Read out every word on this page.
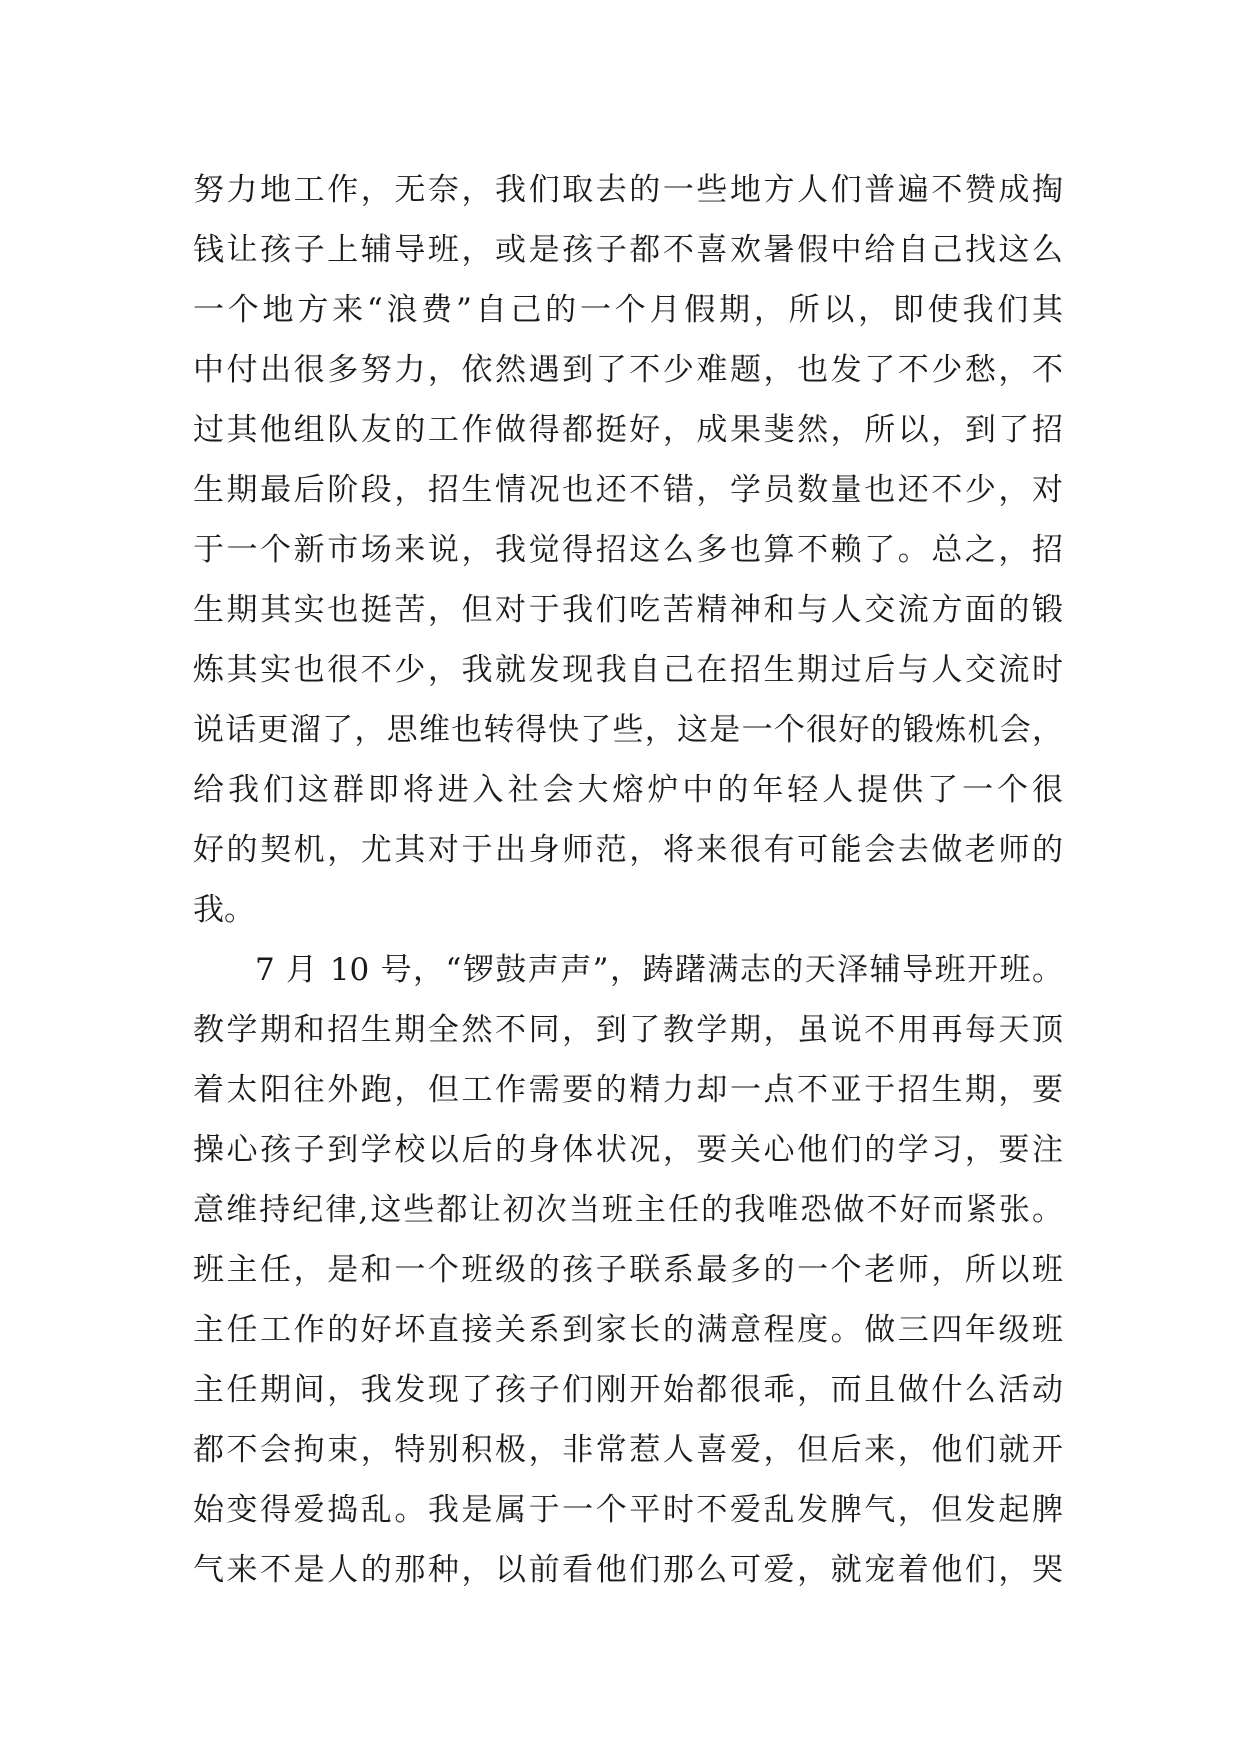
努力地工作，无奈，我们取去的一些地方人们普遍不赞成掏
钱让孩子上辅导班，或是孩子都不喜欢暑假中给自己找这么
一个地方来“浪费”自己的一个月假期，所以，即使我们其
中付出很多努力，依然遇到了不少难题，也发了不少愁，不
过其他组队友的工作做得都挺好，成果斐然，所以，到了招
生期最后阶段，招生情况也还不错，学员数量也还不少，对
于一个新市场来说，我觉得招这么多也算不赖了。总之，招
生期其实也挺苦，但对于我们吃苦精神和与人交流方面的锻
炼其实也很不少，我就发现我自己在招生期过后与人交流时
说话更溜了，思维也转得快了些，这是一个很好的锻炼机会，
给我们这群即将进入社会大熔炉中的年轻人提供了一个很
好的契机，尤其对于出身师范，将来很有可能会去做老师的
我。
7 月 10 号，“锣鼓声声”，踌躇满志的天泽辅导班开班。
教学期和招生期全然不同，到了教学期，虽说不用再每天顶
着太阳往外跑，但工作需要的精力却一点不亚于招生期，要
操心孩子到学校以后的身体状况，要关心他们的学习，要注
意维持纪律,这些都让初次当班主任的我唯恐做不好而紧张。
班主任，是和一个班级的孩子联系最多的一个老师，所以班
主任工作的好坏直接关系到家长的满意程度。做三四年级班
主任期间，我发现了孩子们刚开始都很乖，而且做什么活动
都不会拘束，特别积极，非常惹人喜爱，但后来，他们就开
始变得爱捣乱。我是属于一个平时不爱乱发脾气，但发起脾
气来不是人的那种，以前看他们那么可爱，就宠着他们，哭
